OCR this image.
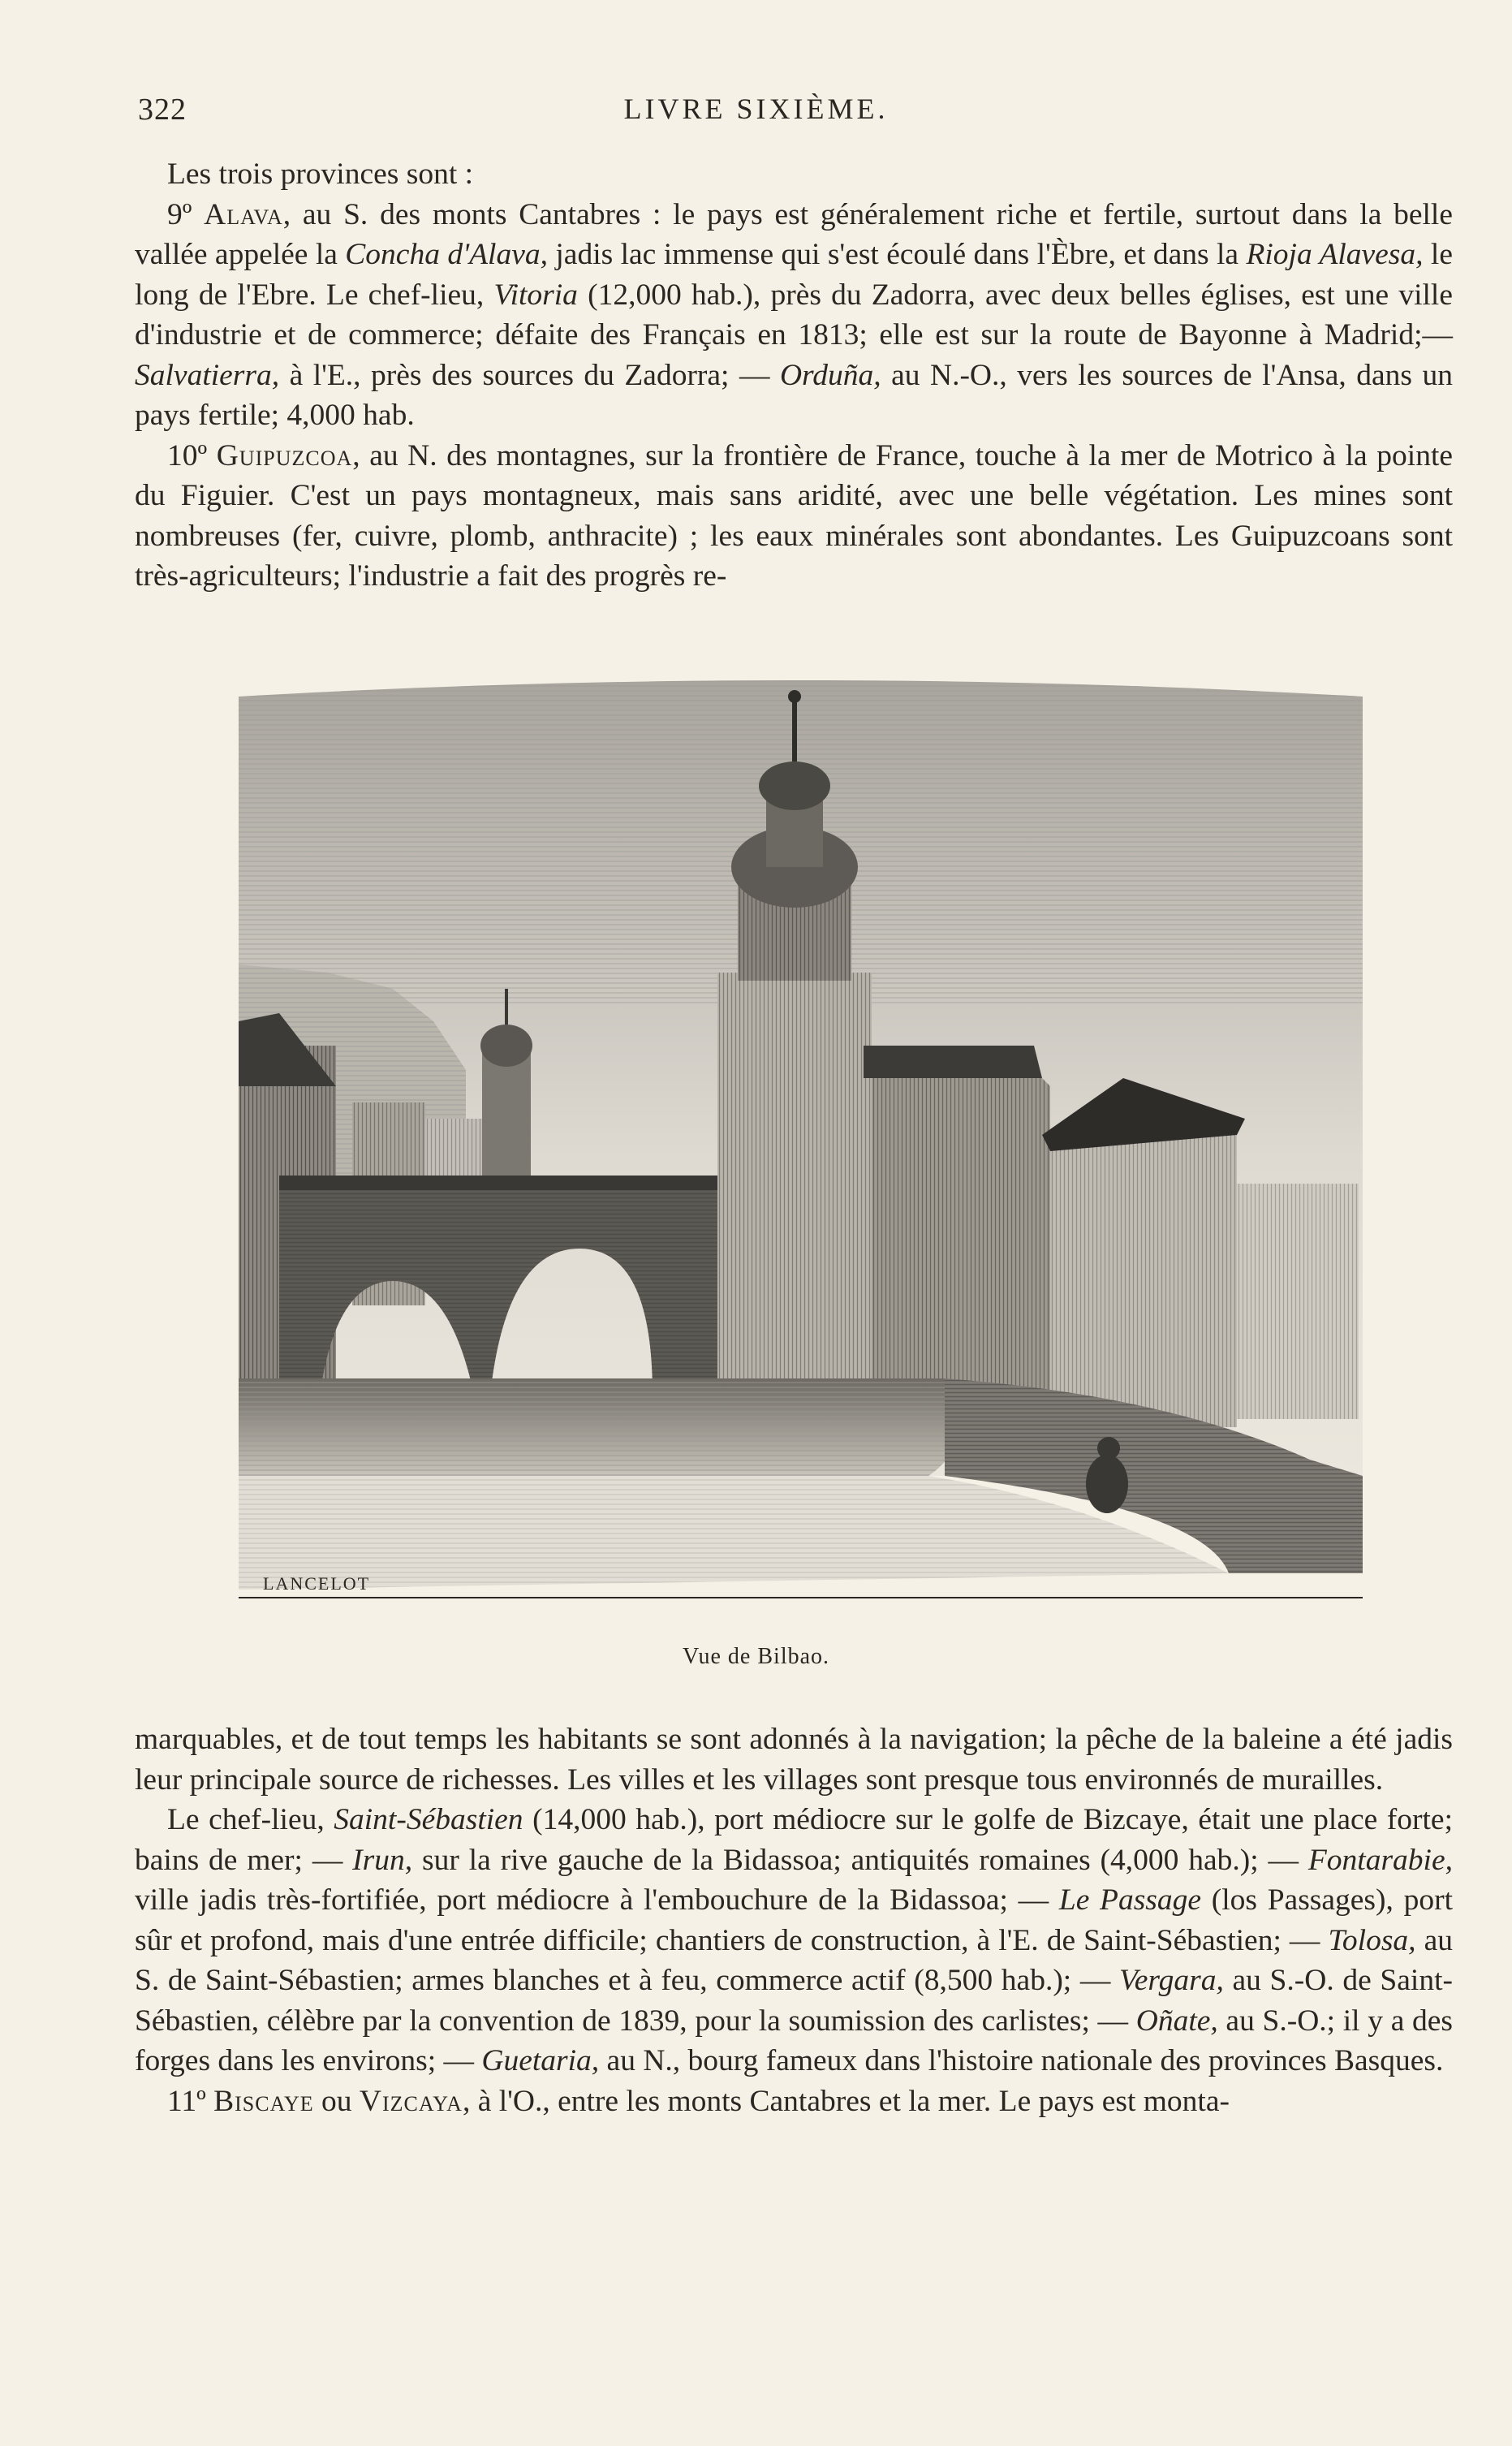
322	LIVRE SIXIÈME.

Les trois provinces sont :

9º Alava, au S. des monts Cantabres : le pays est généralement riche et fertile, surtout dans la belle vallée appelée la Concha d'Alava, jadis lac immense qui s'est écoulé dans l'Èbre, et dans la Rioja Alavesa, le long de l'Ebre. Le chef-lieu, Vitoria (12,000 hab.), près du Zadorra, avec deux belles églises, est une ville d'industrie et de commerce; défaite des Français en 1813; elle est sur la route de Bayonne à Madrid;— Salvatierra, à l'E., près des sources du Zadorra; — Orduña, au N.-O., vers les sources de l'Ansa, dans un pays fertile; 4,000 hab.

10º Guipuzcoa, au N. des montagnes, sur la frontière de France, touche à la mer de Motrico à la pointe du Figuier. C'est un pays montagneux, mais sans aridité, avec une belle végétation. Les mines sont nombreuses (fer, cuivre, plomb, anthracite) ; les eaux minérales sont abondantes. Les Guipuzcoans sont très-agriculteurs; l'industrie a fait des progrès re-

LANCELOT
Vue de Bilbao.

marquables, et de tout temps les habitants se sont adonnés à la navigation; la pêche de la baleine a été jadis leur principale source de richesses. Les villes et les villages sont presque tous environnés de murailles.

Le chef-lieu, Saint-Sébastien (14,000 hab.), port médiocre sur le golfe de Bizcaye, était une place forte; bains de mer; — Irun, sur la rive gauche de la Bidassoa; antiquités romaines (4,000 hab.); — Fontarabie, ville jadis très-fortifiée, port médiocre à l'embouchure de la Bidassoa; — Le Passage (los Passages), port sûr et profond, mais d'une entrée difficile; chantiers de construction, à l'E. de Saint-Sébastien; — Tolosa, au S. de Saint-Sébastien; armes blanches et à feu, commerce actif (8,500 hab.); — Vergara, au S.-O. de Saint-Sébastien, célèbre par la convention de 1839, pour la soumission des carlistes; — Oñate, au S.-O.; il y a des forges dans les environs; — Guetaria, au N., bourg fameux dans l'histoire nationale des provinces Basques.

11º Biscaye ou Vizcaya, à l'O., entre les monts Cantabres et la mer. Le pays est monta-
